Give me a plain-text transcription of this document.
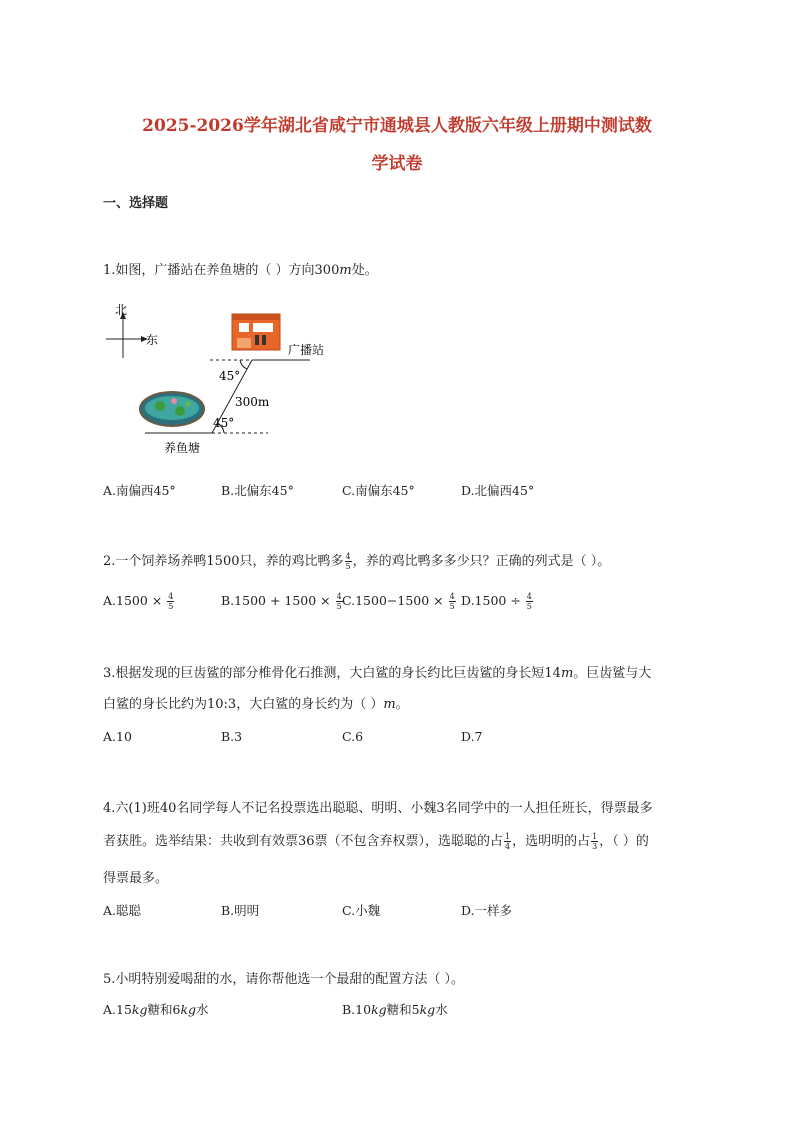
2025-2026学年湖北省咸宁市通城县人教版六年级上册期中测试数
学试卷
一、选择题
1.如图，广播站在养鱼塘的（ ）方向300m处。
北
东
广播站
45°
300m
45°
养鱼塘
A.南偏西45°	B.北偏东45°	C.南偏东45°	D.北偏西45°
2.一个饲养场养鸭1500只，养的鸡比鸭多 $\frac{4}{5}$ ，养的鸡比鸭多多少只？正确的列式是（ ）。
$A.1500 \times \frac{4}{5}$	$B.1500 + 1500 \times \frac{4}{5} C.1500-1500 \times \frac{4}{5} D.1500 \div \frac{4}{5}$
3.根据发现的巨齿鲨的部分椎骨化石推测，大白鲨的身长约比巨齿鲨的身长短14m。巨齿鲨与大
白鲨的身长比约为10:3，大白鲨的身长约为（ ）m。
A.10	B.3	C.6	D.7
4.六(1)班40名同学每人不记名投票选出聪聪、明明、小魏3名同学中的一人担任班长，得票最多
者获胜。选举结果：共收到有效票36票（不包含弃权票），选聪聪的占 $\frac{1}{4}$ ，选明明的占 $\frac{1}{3}$ ，（ ）的
得票最多。
A.聪聪	B.明明	C.小魏	D.一样多
5.小明特别爱喝甜的水，请你帮他选一个最甜的配置方法（ ）。
A.15kg糖和6kg水	B.10kg糖和5kg水
